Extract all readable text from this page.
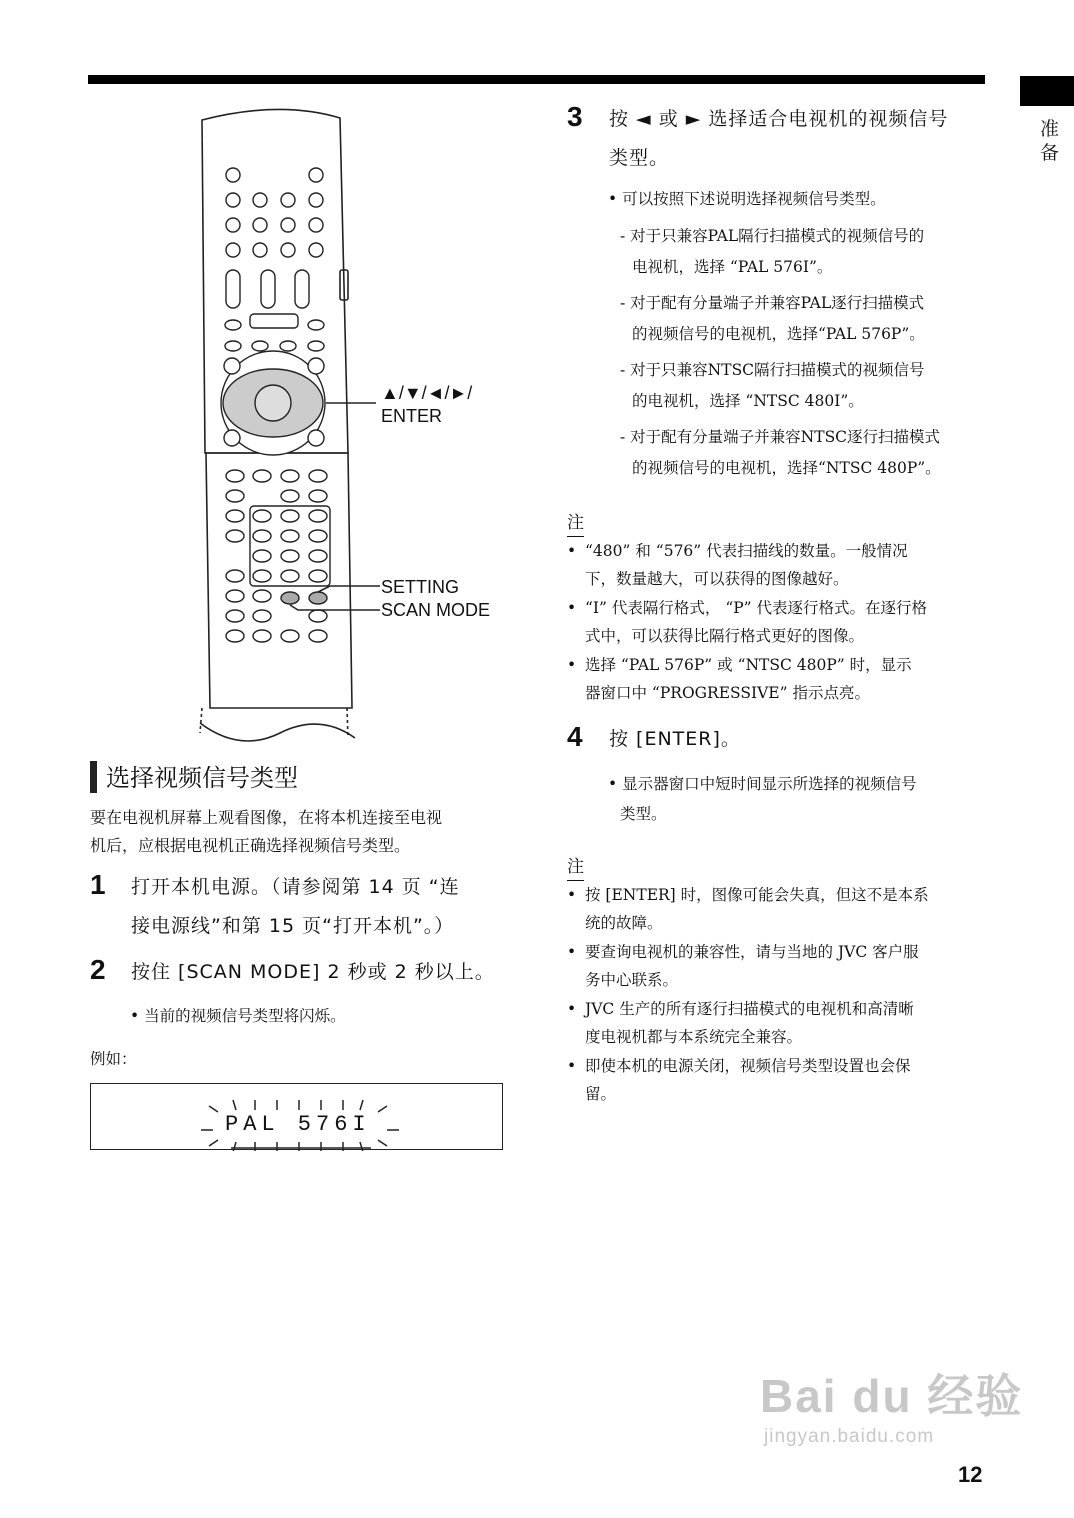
准
备
▲/▼/◄/►/
ENTER
SETTING
SCAN MODE
选择视频信号类型
要在电视机屏幕上观看图像，在将本机连接至电视
机后，应根据电视机正确选择视频信号类型。
1 打开本机电源。（请参阅第 14 页 “连
接电源线”和第 15 页“打开本机”。）
2 按住 [SCAN MODE] 2 秒或 2 秒以上。
• 当前的视频信号类型将闪烁。
例如：
PAL 576I
3 按 ◄ 或 ► 选择适合电视机的视频信号
类型。
• 可以按照下述说明选择视频信号类型。
- 对于只兼容PAL隔行扫描模式的视频信号的
电视机，选择 “PAL 576I”。
- 对于配有分量端子并兼容PAL逐行扫描模式
的视频信号的电视机，选择“PAL 576P”。
- 对于只兼容NTSC隔行扫描模式的视频信号
的电视机，选择 “NTSC 480I”。
- 对于配有分量端子并兼容NTSC逐行扫描模式
的视频信号的电视机，选择“NTSC 480P”。
注
• “480” 和 “576” 代表扫描线的数量。一般情况
下，数量越大，可以获得的图像越好。
• “I” 代表隔行格式， “P” 代表逐行格式。在逐行格
式中，可以获得比隔行格式更好的图像。
• 选择 “PAL 576P” 或 “NTSC 480P” 时，显示
器窗口中 “PROGRESSIVE” 指示点亮。
4 按 [ENTER]。
• 显示器窗口中短时间显示所选择的视频信号
类型。
注
• 按 [ENTER] 时，图像可能会失真，但这不是本系
统的故障。
• 要查询电视机的兼容性，请与当地的 JVC 客户服
务中心联系。
• JVC 生产的所有逐行扫描模式的电视机和高清晰
度电视机都与本系统完全兼容。
• 即使本机的电源关闭，视频信号类型设置也会保
留。
Bai du 经验
jingyan.baidu.com
12
